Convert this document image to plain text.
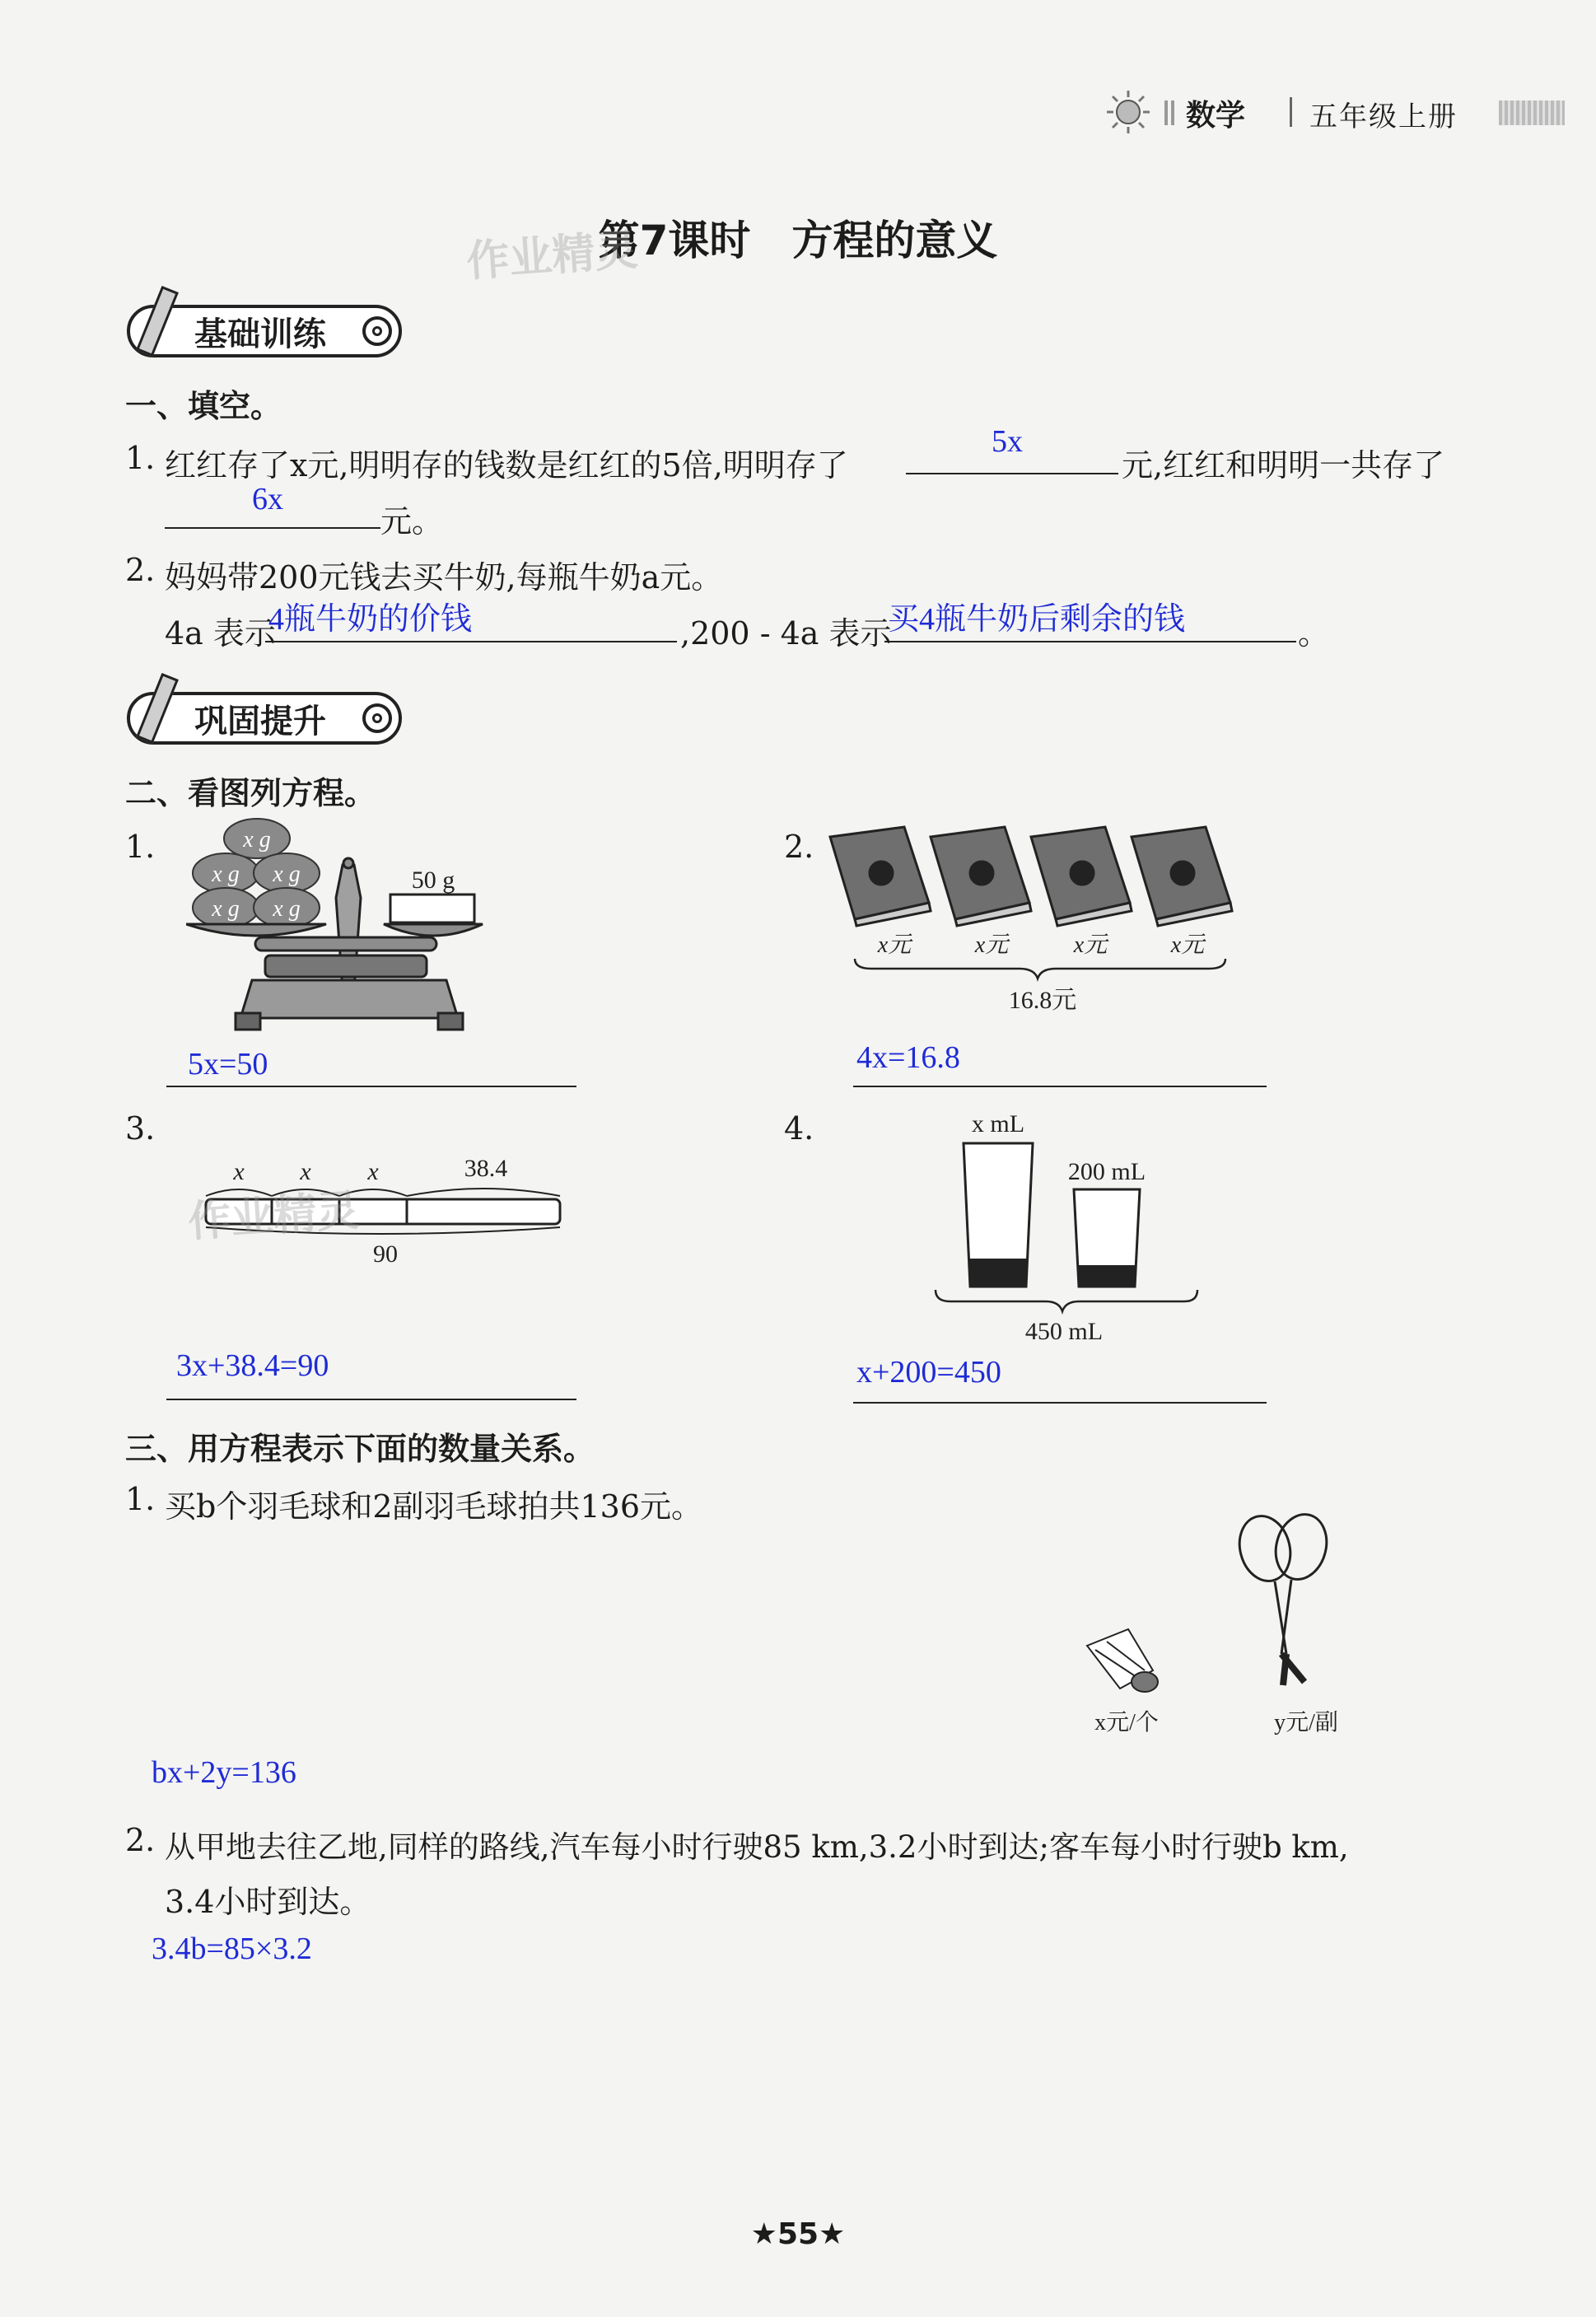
数学 五年级上册
第7课时　方程的意义
作业精灵
基础训练
一、填空。
1. 红红存了x元,明明存的钱数是红红的5倍,明明存了
5x
元,红红和明明一共存了
6x
元。
2. 妈妈带200元钱去买牛奶,每瓶牛奶a元。
4a 表示
4瓶牛奶的价钱	,200 - 4a 表示
买4瓶牛奶后剩余的钱	。
巩固提升
二、看图列方程。
1.	x g
x g x g
x g x g
50 g
5x=50
2.
x元	x元	x元	x元
16.8元
4x=16.8
3.
x x x	38.4
90
作业精灵
3x+38.4=90
4.	x mL
200 mL
450 mL
x+200=450
三、用方程表示下面的数量关系。
1. 买b个羽毛球和2副羽毛球拍共136元。
x元/个	y元/副
bx+2y=136
2. 从甲地去往乙地,同样的路线,汽车每小时行驶85 km,3.2小时到达;客车每小时行驶b km,
3.4小时到达。
3.4b=85×3.2
★55★
